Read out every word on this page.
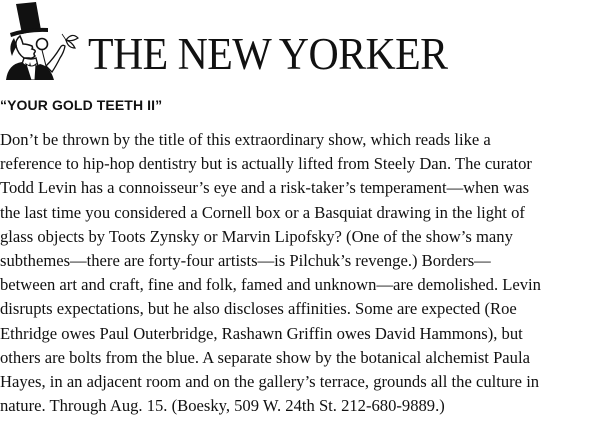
THE NEW YORKER
“YOUR GOLD TEETH II”

Don’t be thrown by the title of this extraordinary show, which reads like a
reference to hip-hop dentistry but is actually lifted from Steely Dan. The curator
Todd Levin has a connoisseur’s eye and a risk-taker’s temperament—when was
the last time you considered a Cornell box or a Basquiat drawing in the light of
glass objects by Toots Zynsky or Marvin Lipofsky? (One of the show’s many
subthemes—there are forty-four artists—is Pilchuk’s revenge.) Borders—
between art and craft, fine and folk, famed and unknown—are demolished. Levin
disrupts expectations, but he also discloses affinities. Some are expected (Roe
Ethridge owes Paul Outerbridge, Rashawn Griffin owes David Hammons), but
others are bolts from the blue. A separate show by the botanical alchemist Paula
Hayes, in an adjacent room and on the gallery’s terrace, grounds all the culture in
nature. Through Aug. 15. (Boesky, 509 W. 24th St. 212-680-9889.)
